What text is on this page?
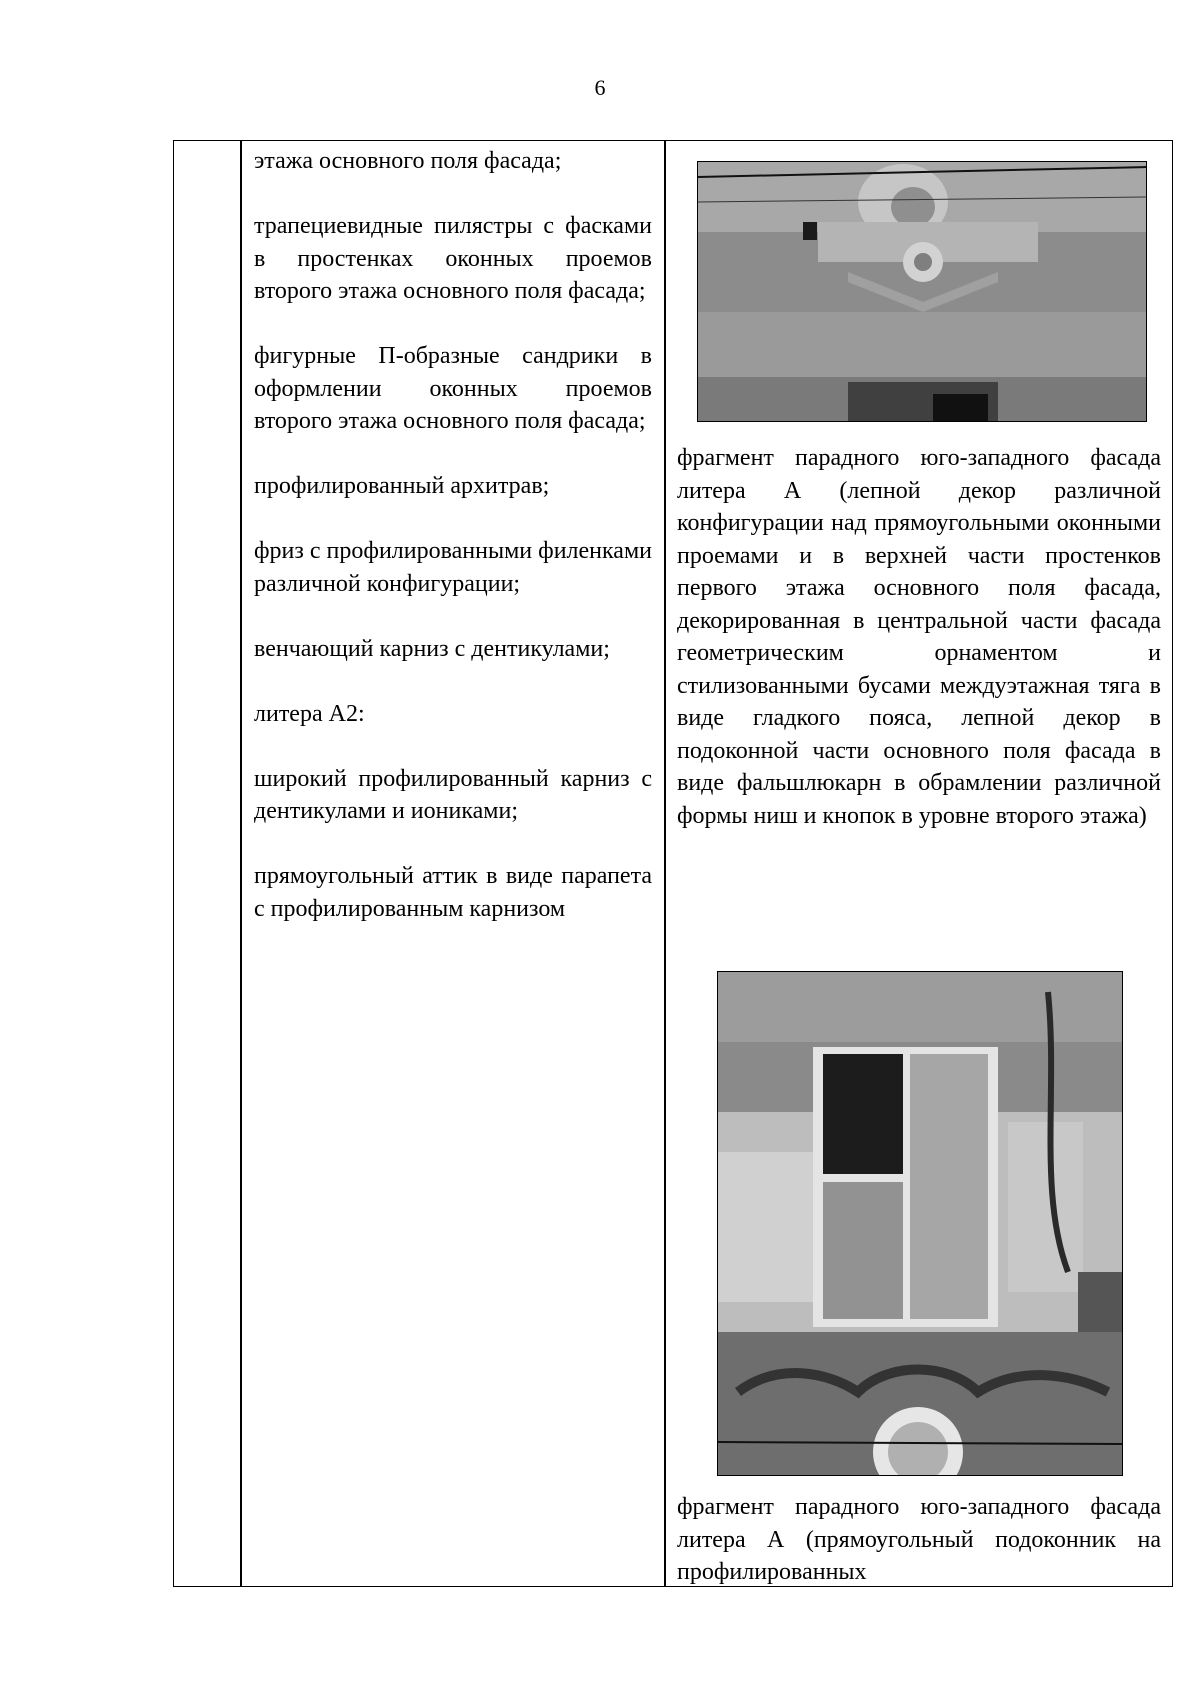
6

этажа основного поля фасада;

трапециевидные пилястры с фасками в простенках оконных проемов второго этажа основного поля фасада;

фигурные П-образные сандрики в оформлении оконных проемов второго этажа основного поля фасада;

профилированный архитрав;

фриз с профилированными филенками различной конфигурации;

венчающий карниз с дентикулами;

литера А2:

широкий профилированный карниз с дентикулами и иониками;

прямоугольный аттик в виде парапета с профилированным карнизом

фрагмент парадного юго-западного фасада литера А (лепной декор различной конфигурации над прямоугольными оконными проемами и в верхней части простенков первого этажа основного поля фасада, декорированная в центральной части фасада геометрическим орнаментом и стилизованными бусами междуэтажная тяга в виде гладкого пояса, лепной декор в подоконной части основного поля фасада в виде фальшлюкарн в обрамлении различной формы ниш и кнопок в уровне второго этажа)

фрагмент парадного юго-западного фасада литера А (прямоугольный подоконник на профилированных
